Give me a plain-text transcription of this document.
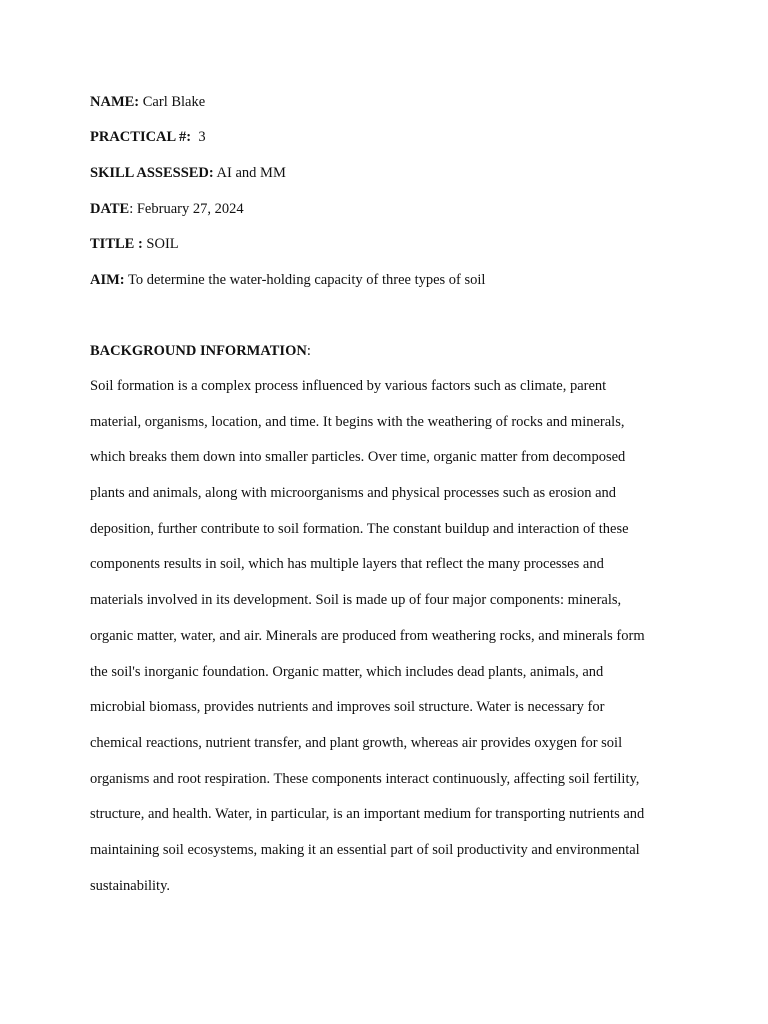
NAME: Carl Blake
PRACTICAL #:  3
SKILL ASSESSED: AI and MM
DATE: February 27, 2024
TITLE : SOIL
AIM: To determine the water-holding capacity of three types of soil
BACKGROUND INFORMATION:
Soil formation is a complex process influenced by various factors such as climate, parent
material, organisms, location, and time. It begins with the weathering of rocks and minerals,
which breaks them down into smaller particles. Over time, organic matter from decomposed
plants and animals, along with microorganisms and physical processes such as erosion and
deposition, further contribute to soil formation. The constant buildup and interaction of these
components results in soil, which has multiple layers that reflect the many processes and
materials involved in its development. Soil is made up of four major components: minerals,
organic matter, water, and air. Minerals are produced from weathering rocks, and minerals form
the soil's inorganic foundation. Organic matter, which includes dead plants, animals, and
microbial biomass, provides nutrients and improves soil structure. Water is necessary for
chemical reactions, nutrient transfer, and plant growth, whereas air provides oxygen for soil
organisms and root respiration. These components interact continuously, affecting soil fertility,
structure, and health. Water, in particular, is an important medium for transporting nutrients and
maintaining soil ecosystems, making it an essential part of soil productivity and environmental
sustainability.
